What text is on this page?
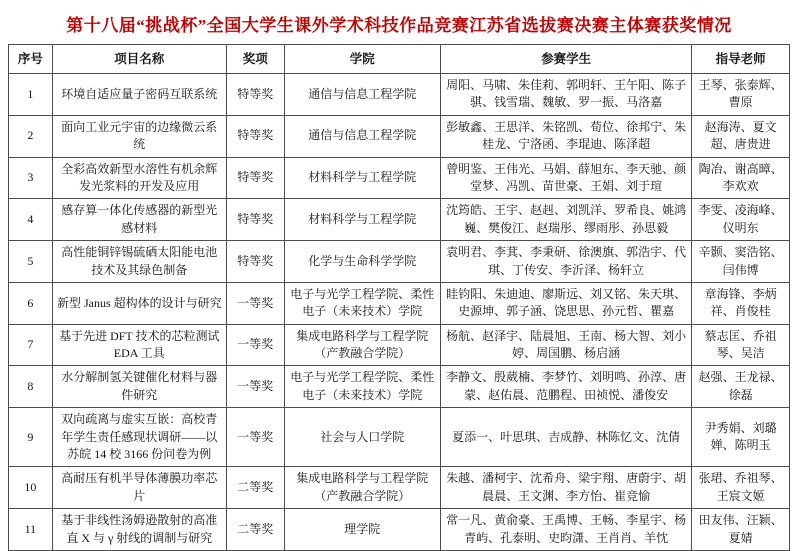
第十八届“挑战杯”全国大学生课外学术科技作品竞赛江苏省选拔赛决赛主体赛获奖情况
序号	项目名称	奖项	学院	参赛学生	指导老师
1	环境自适应量子密码互联系统	特等奖	通信与信息工程学院	周阳、马啸、朱佳莉、郭明轩、王午阳、陈子骐、钱雪瑞、魏敏、罗一振、马洛嘉	王琴、张泰辉、曹原
2	面向工业元宇宙的边缘微云系统	特等奖	通信与信息工程学院	彭敏鑫、王思洋、朱铭凯、荀位、徐邦宁、朱桂龙、宁洛函、李琨迪、陈泽超	赵海涛、夏文超、唐贵进
3	全彩高效新型水溶性有机余辉发光浆料的开发及应用	特等奖	材料科学与工程学院	曾明鉴、王伟光、马娟、薛旭东、李天驰、颜堂梦、冯凯、苗世豪、王娟、刘于瑄	陶冶、谢高暲、李欢欢
4	感存算一体化传感器的新型光感材料	特等奖	材料科学与工程学院	沈筠皓、王宇、赵赳、刘凯洋、罗希良、姚鸿巍、樊俊江、赵瑞彤、缪雨彤、孙思毅	李雯、凌海峰、仪明东
5	高性能铜锌锡硫硒太阳能电池技术及其绿色制备	特等奖	化学与生命科学学院	袁明君、李萁、李秉研、徐澳旗、郭浩宇、代琪、丁传安、李沂泽、杨轩立	辛颢、窦浩铭、闫伟博
6	新型 Janus 超构体的设计与研究	一等奖	电子与光学工程学院、柔性电子（未来技术）学院	眭钧阳、朱迪迪、廖斯远、刘又铭、朱天琪、史源坤、郭子涵、饶思思、孙元哲、瞿嘉	章海锋、李炳祥、肖俊桂
7	基于先进 DFT 技术的芯粒测试 EDA 工具	一等奖	集成电路科学与工程学院（产教融合学院）	杨航、赵泽宇、陆晨旭、王南、杨大智、刘小婷、周国鹏、杨启涵	蔡志匡、乔祖琴、吴洁
8	水分解制氢关键催化材料与器件研究	一等奖	电子与光学工程学院、柔性电子（未来技术）学院	李静文、殷葳楠、李梦竹、刘明鸣、孙淳、唐蒙、赵佑晨、范鹏程、田祯悦、潘俊安	赵强、王龙禄、徐磊
9	双向疏离与虚实互嵌：高校青年学生责任感现状调研——以苏皖 14 校 3166 份问卷为例	一等奖	社会与人口学院	夏添一、叶思琪、吉成静、林陈忆文、沈倩	尹秀娟、刘璐婵、陈明玉
10	高耐压有机半导体薄膜功率芯片	二等奖	集成电路科学与工程学院（产教融合学院）	朱越、潘柯宇、沈希舟、梁宇翔、唐蔚宇、胡晨晨、王文渊、李方怡、崔竞愉	张珺、乔祖琴、王宸文姬
11	基于非线性汤姆逊散射的高准直 X 与 γ 射线的调制与研究	二等奖	理学院	常一凡、黄俞豪、王禹博、王畅、李星宇、杨青屿、孔泰明、史昀潇、王肖肖、羊忱	田友伟、汪颖、夏婧
